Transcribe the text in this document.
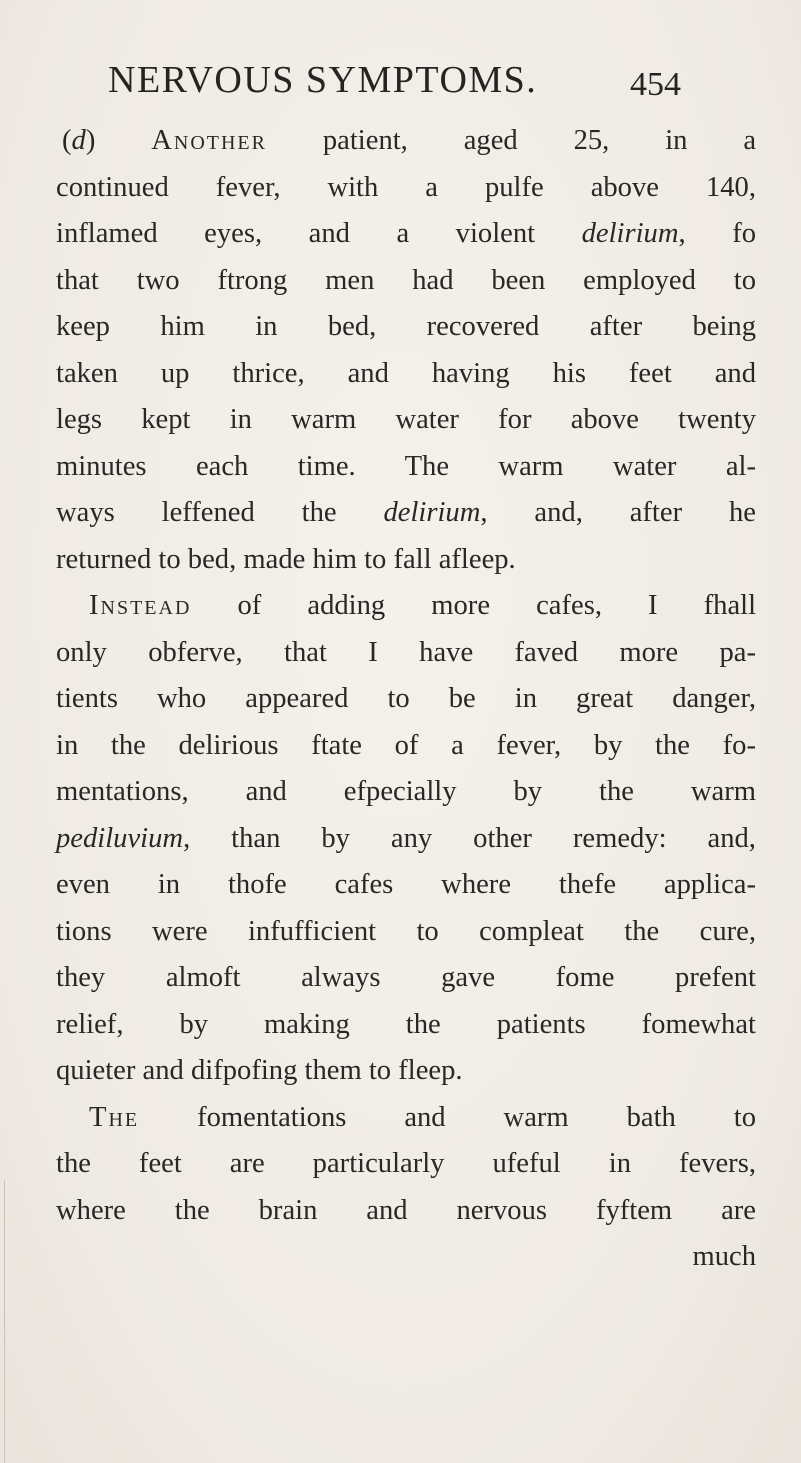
NERVOUS SYMPTOMS.	454
(d) Another patient, aged 25, in a
continued fever, with a pulfe above 140,
inflamed eyes, and a violent delirium, fo
that two ftrong men had been employed to
keep him in bed, recovered after being
taken up thrice, and having his feet and
legs kept in warm water for above twenty
minutes each time. The warm water al-
ways leffened the delirium, and, after he
returned to bed, made him to fall afleep.
Instead of adding more cafes, I fhall
only obferve, that I have faved more pa-
tients who appeared to be in great danger,
in the delirious ftate of a fever, by the fo-
mentations, and efpecially by the warm
pediluvium, than by any other remedy: and,
even in thofe cafes where thefe applica-
tions were infufficient to compleat the cure,
they almoft always gave fome prefent
relief, by making the patients fomewhat
quieter and difpofing them to fleep.
The fomentations and warm bath to
the feet are particularly ufeful in fevers,
where the brain and nervous fyftem are
much
